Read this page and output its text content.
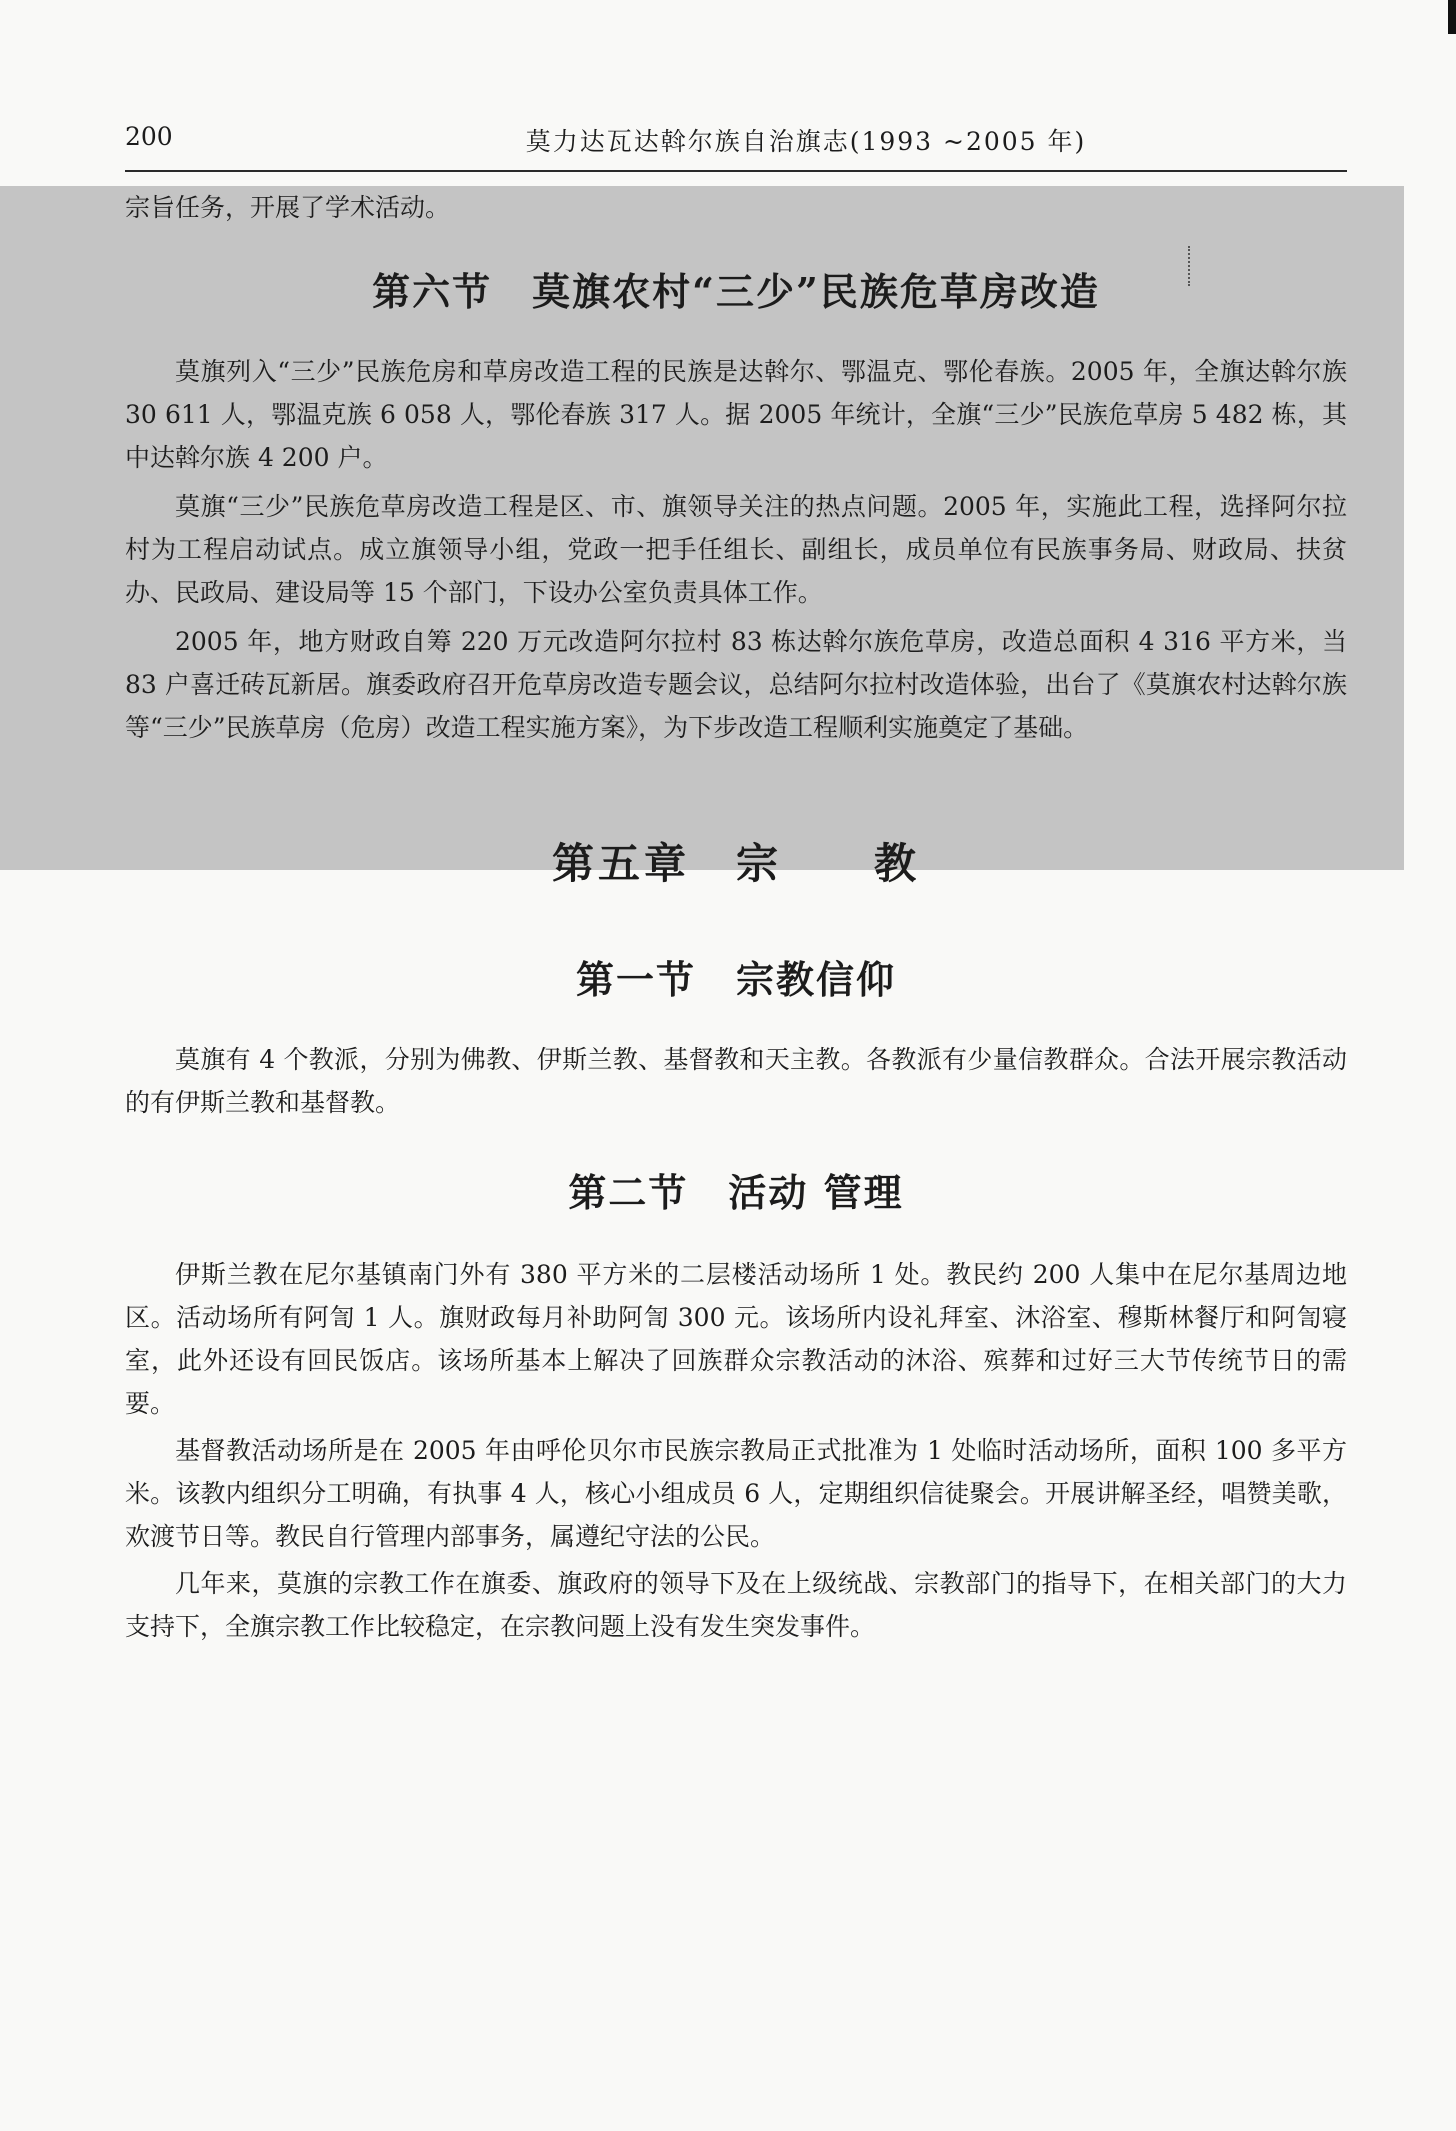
200	莫力达瓦达斡尔族自治旗志(1993 ~2005 年)

宗旨任务，开展了学术活动。

第六节　莫旗农村“三少”民族危草房改造

莫旗列入“三少”民族危房和草房改造工程的民族是达斡尔、鄂温克、鄂伦春族。2005 年，全旗达斡尔族 30 611 人，鄂温克族 6 058 人，鄂伦春族 317 人。据 2005 年统计，全旗“三少”民族危草房 5 482 栋，其中达斡尔族 4 200 户。

莫旗“三少”民族危草房改造工程是区、市、旗领导关注的热点问题。2005 年，实施此工程，选择阿尔拉村为工程启动试点。成立旗领导小组，党政一把手任组长、副组长，成员单位有民族事务局、财政局、扶贫办、民政局、建设局等 15 个部门，下设办公室负责具体工作。

2005 年，地方财政自筹 220 万元改造阿尔拉村 83 栋达斡尔族危草房，改造总面积 4 316 平方米，当 83 户喜迁砖瓦新居。旗委政府召开危草房改造专题会议，总结阿尔拉村改造体验，出台了《莫旗农村达斡尔族等“三少”民族草房（危房）改造工程实施方案》，为下步改造工程顺利实施奠定了基础。

第五章　宗　　教
第一节　宗教信仰

莫旗有 4 个教派，分别为佛教、伊斯兰教、基督教和天主教。各教派有少量信教群众。合法开展宗教活动的有伊斯兰教和基督教。

第二节　活动 管理

伊斯兰教在尼尔基镇南门外有 380 平方米的二层楼活动场所 1 处。教民约 200 人集中在尼尔基周边地区。活动场所有阿訇 1 人。旗财政每月补助阿訇 300 元。该场所内设礼拜室、沐浴室、穆斯林餐厅和阿訇寝室，此外还设有回民饭店。该场所基本上解决了回族群众宗教活动的沐浴、殡葬和过好三大节传统节日的需要。

基督教活动场所是在 2005 年由呼伦贝尔市民族宗教局正式批准为 1 处临时活动场所，面积 100 多平方米。该教内组织分工明确，有执事 4 人，核心小组成员 6 人，定期组织信徒聚会。开展讲解圣经，唱赞美歌，欢渡节日等。教民自行管理内部事务，属遵纪守法的公民。

几年来，莫旗的宗教工作在旗委、旗政府的领导下及在上级统战、宗教部门的指导下，在相关部门的大力支持下，全旗宗教工作比较稳定，在宗教问题上没有发生突发事件。
